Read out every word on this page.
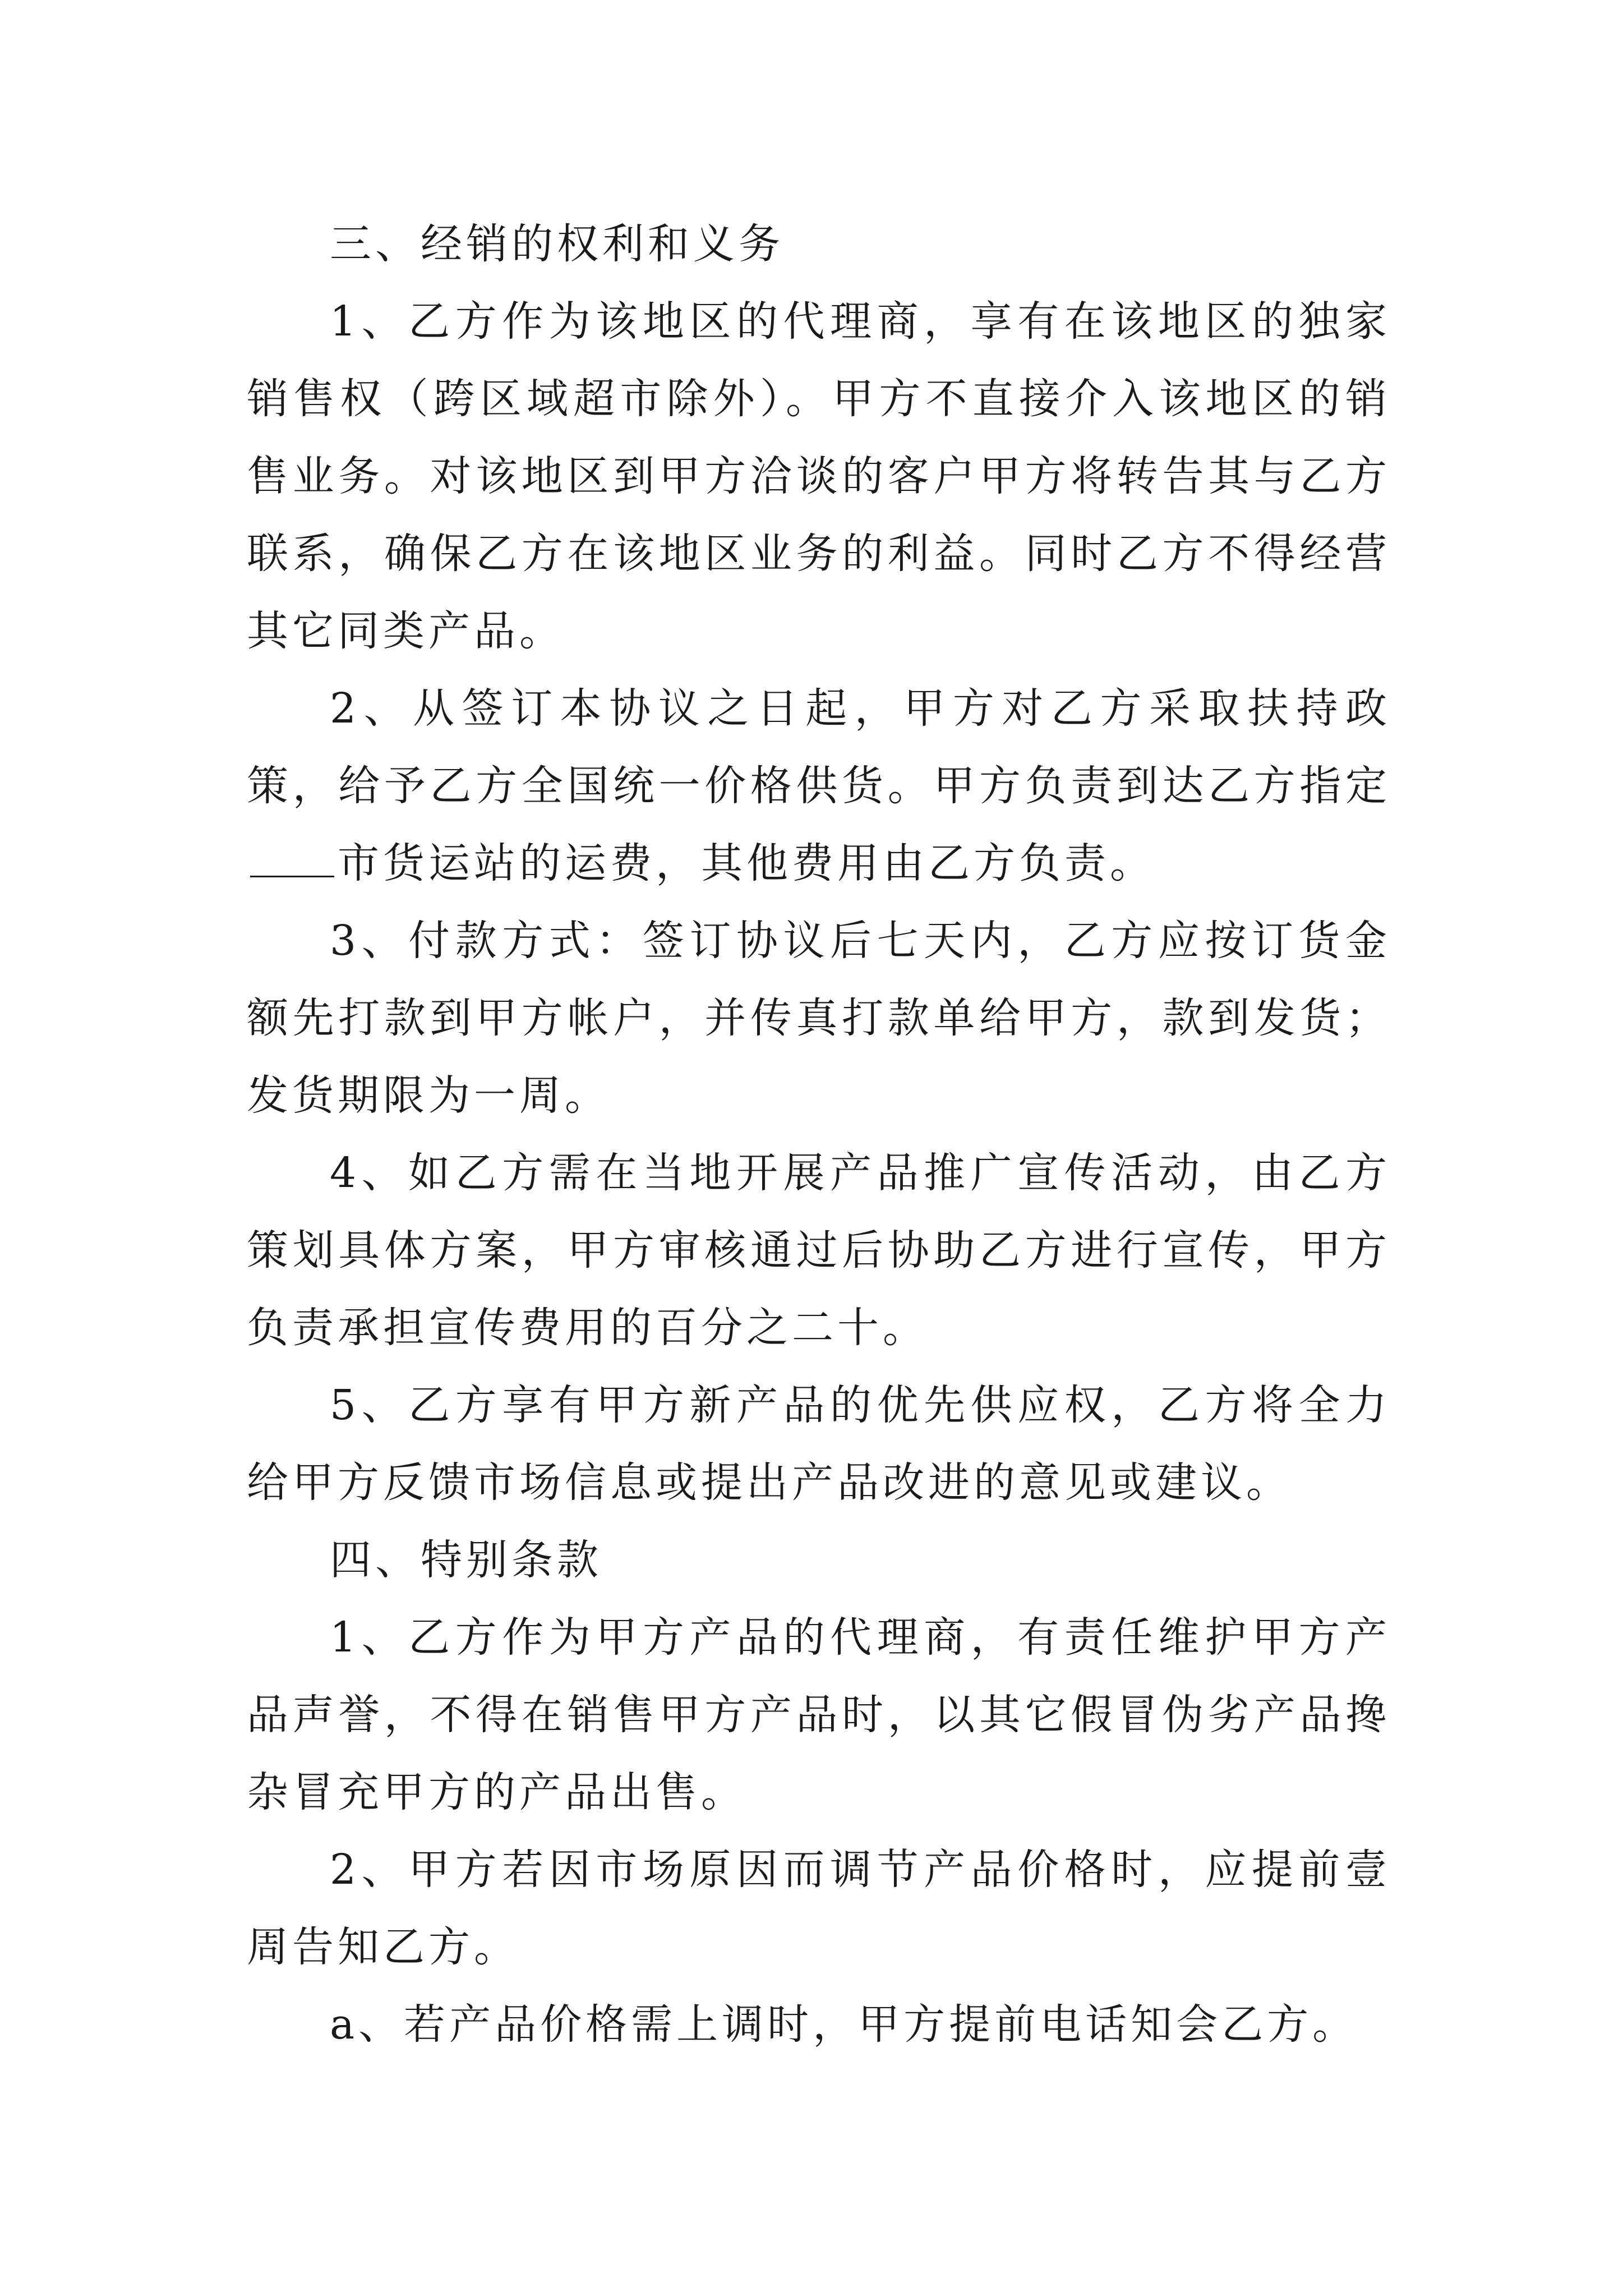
三、经销的权利和义务

1、乙方作为该地区的代理商，享有在该地区的独家销售权（跨区域超市除外）。甲方不直接介入该地区的销售业务。对该地区到甲方洽谈的客户甲方将转告其与乙方联系，确保乙方在该地区业务的利益。同时乙方不得经营其它同类产品。

2、从签订本协议之日起，甲方对乙方采取扶持政策，给予乙方全国统一价格供货。甲方负责到达乙方指定市货运站的运费，其他费用由乙方负责。

3、付款方式：签订协议后七天内，乙方应按订货金额先打款到甲方帐户，并传真打款单给甲方，款到发货；发货期限为一周。

4、如乙方需在当地开展产品推广宣传活动，由乙方策划具体方案，甲方审核通过后协助乙方进行宣传，甲方负责承担宣传费用的百分之二十。

5、乙方享有甲方新产品的优先供应权，乙方将全力给甲方反馈市场信息或提出产品改进的意见或建议。

四、特别条款

1、乙方作为甲方产品的代理商，有责任维护甲方产品声誉，不得在销售甲方产品时，以其它假冒伪劣产品搀杂冒充甲方的产品出售。

2、甲方若因市场原因而调节产品价格时，应提前壹周告知乙方。

a、若产品价格需上调时，甲方提前电话知会乙方。
